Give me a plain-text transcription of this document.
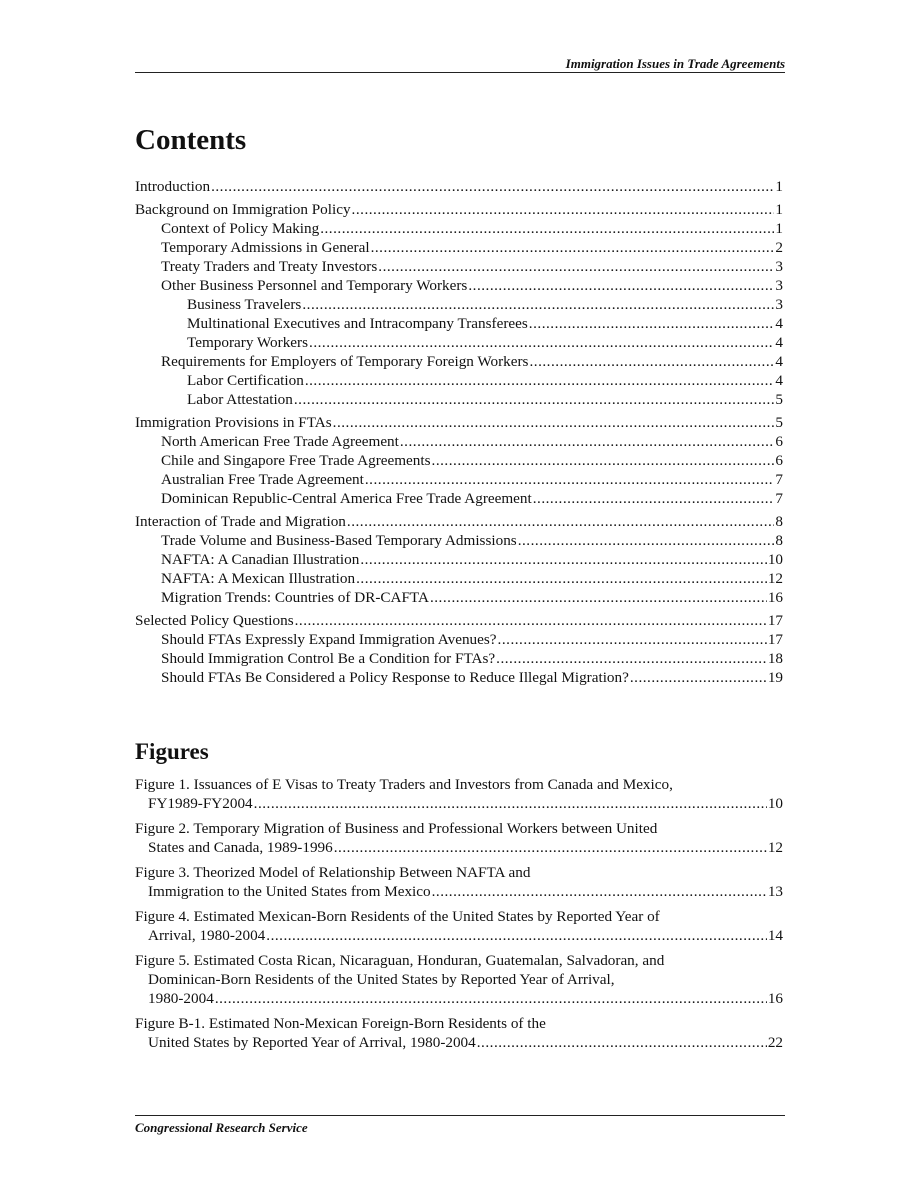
Immigration Issues in Trade Agreements
Contents
Introduction .....	1
Background on Immigration Policy .....	1
Context of Policy Making .....	1
Temporary Admissions in General .....	2
Treaty Traders and Treaty Investors .....	3
Other Business Personnel and Temporary Workers .....	3
Business Travelers .....	3
Multinational Executives and Intracompany Transferees .....	4
Temporary Workers .....	4
Requirements for Employers of Temporary Foreign Workers .....	4
Labor Certification .....	4
Labor Attestation .....	5
Immigration Provisions in FTAs .....	5
North American Free Trade Agreement .....	6
Chile and Singapore Free Trade Agreements .....	6
Australian Free Trade Agreement .....	7
Dominican Republic-Central America Free Trade Agreement .....	7
Interaction of Trade and Migration .....	8
Trade Volume and Business-Based Temporary Admissions .....	8
NAFTA: A Canadian Illustration .....	10
NAFTA: A Mexican Illustration .....	12
Migration Trends: Countries of DR-CAFTA .....	16
Selected Policy Questions .....	17
Should FTAs Expressly Expand Immigration Avenues? .....	17
Should Immigration Control Be a Condition for FTAs? .....	18
Should FTAs Be Considered a Policy Response to Reduce Illegal Migration? .....	19
Figures
Figure 1. Issuances of E Visas to Treaty Traders and Investors from Canada and Mexico,
FY1989-FY2004 .....	10
Figure 2. Temporary Migration of Business and Professional Workers between United
States and Canada, 1989-1996 .....	12
Figure 3. Theorized Model of Relationship Between NAFTA and
Immigration to the United States from Mexico .....	13
Figure 4. Estimated Mexican-Born Residents of the United States by Reported Year of
Arrival, 1980-2004 .....	14
Figure 5. Estimated Costa Rican, Nicaraguan, Honduran, Guatemalan, Salvadoran, and
Dominican-Born Residents of the United States by Reported Year of Arrival,
1980-2004 .....	16
Figure B-1. Estimated Non-Mexican Foreign-Born Residents of the
United States by Reported Year of Arrival, 1980-2004 .....	22
Congressional Research Service
